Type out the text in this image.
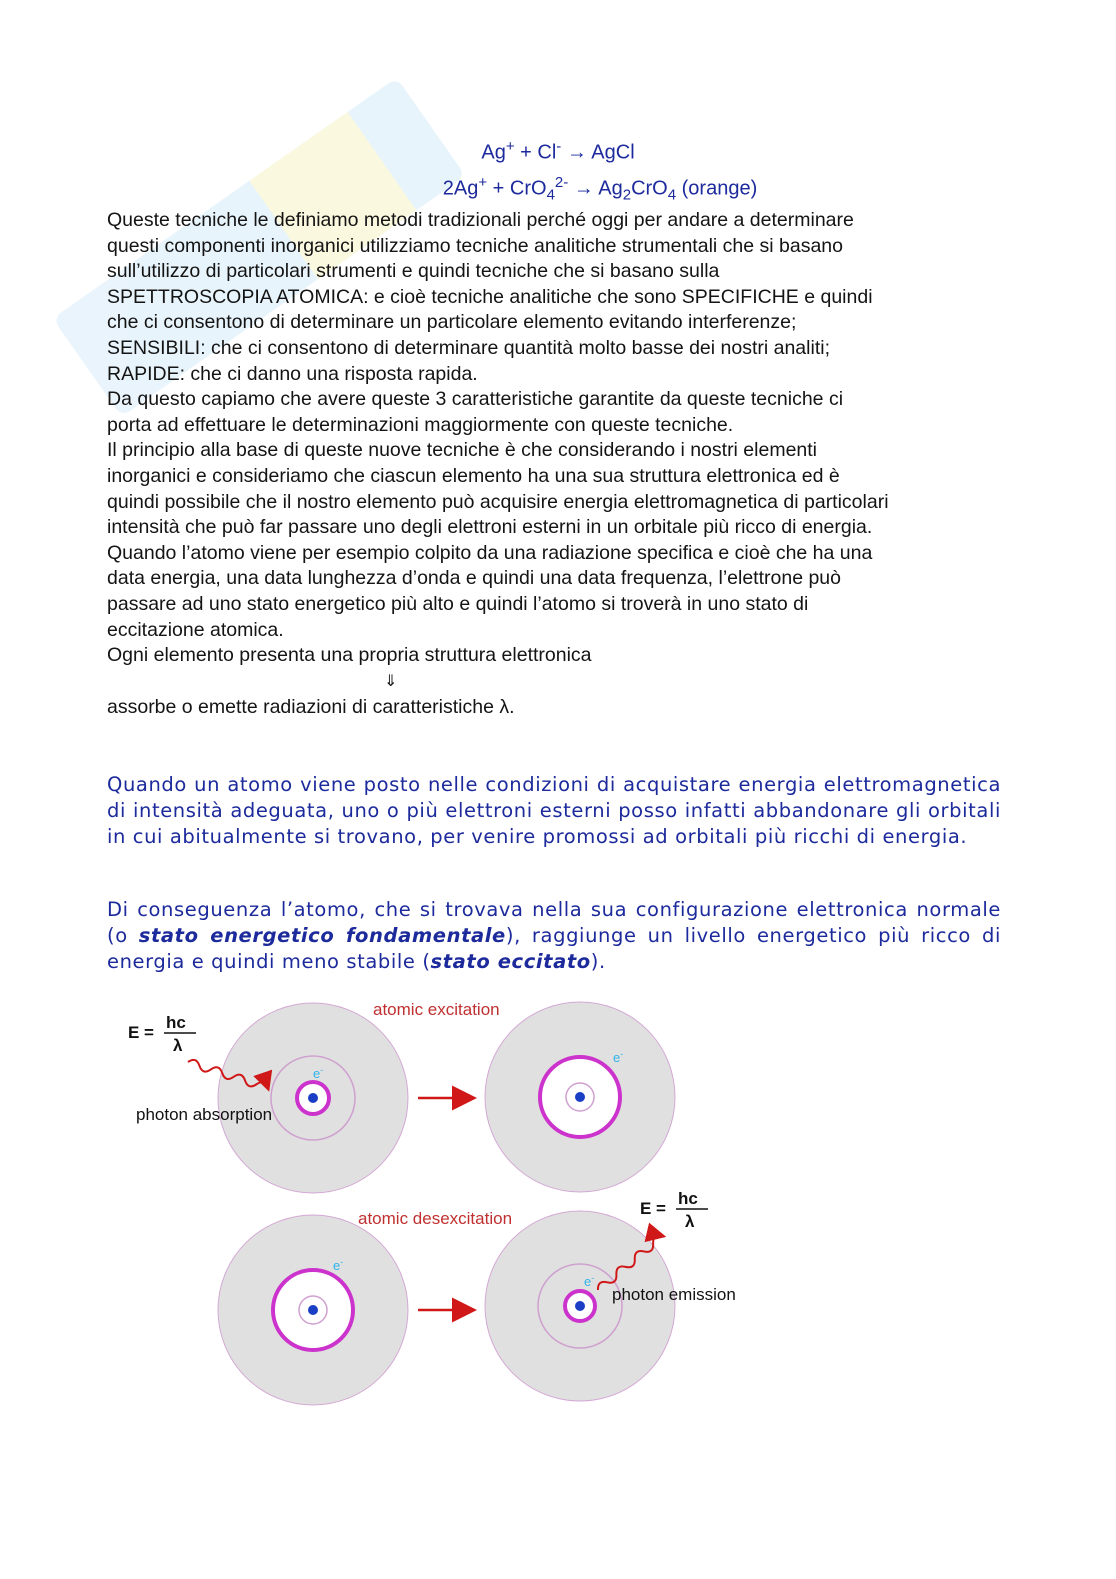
Ag+ + Cl- → AgCl
$2Ag^+ + CrO_4^{2-} \to Ag_2CrO_4$ (orange)

Queste tecniche le definiamo metodi tradizionali perché oggi per andare a determinare

questi componenti inorganici utilizziamo tecniche analitiche strumentali che si basano

sull’utilizzo di particolari strumenti e quindi tecniche che si basano sulla

SPETTROSCOPIA ATOMICA: e cioè tecniche analitiche che sono SPECIFICHE e quindi

che ci consentono di determinare un particolare elemento evitando interferenze;

SENSIBILI: che ci consentono di determinare quantità molto basse dei nostri analiti;

RAPIDE: che ci danno una risposta rapida.

Da questo capiamo che avere queste 3 caratteristiche garantite da queste tecniche ci

porta ad effettuare le determinazioni maggiormente con queste tecniche.

Il principio alla base di queste nuove tecniche è che considerando i nostri elementi

inorganici e consideriamo che ciascun elemento ha una sua struttura elettronica ed è

quindi possibile che il nostro elemento può acquisire energia elettromagnetica di particolari

intensità che può far passare uno degli elettroni esterni in un orbitale più ricco di energia.

Quando l’atomo viene per esempio colpito da una radiazione specifica e cioè che ha una

data energia, una data lunghezza d’onda e quindi una data frequenza, l’elettrone può

passare ad uno stato energetico più alto e quindi l’atomo si troverà in uno stato di

eccitazione atomica.

Ogni elemento presenta una propria struttura elettronica

⇓

assorbe o emette radiazioni di caratteristiche λ.

Quando un atomo viene posto nelle condizioni di acquistare energia elettromagnetica di intensità adeguata, uno o più elettroni esterni posso infatti abbandonare gli orbitali in cui abitualmente si trovano, per venire promossi ad orbitali più ricchi di energia.

Di conseguenza l’atomo, che si trovava nella sua configurazione elettronica normale (o stato energetico fondamentale), raggiunge un livello energetico più ricco di energia e quindi meno stabile (stato eccitato).

e-
photon absorption
E =
hc
λ
atomic excitation
e-
atomic desexcitation
e-
e-
photon emission
E =
hc
λ
